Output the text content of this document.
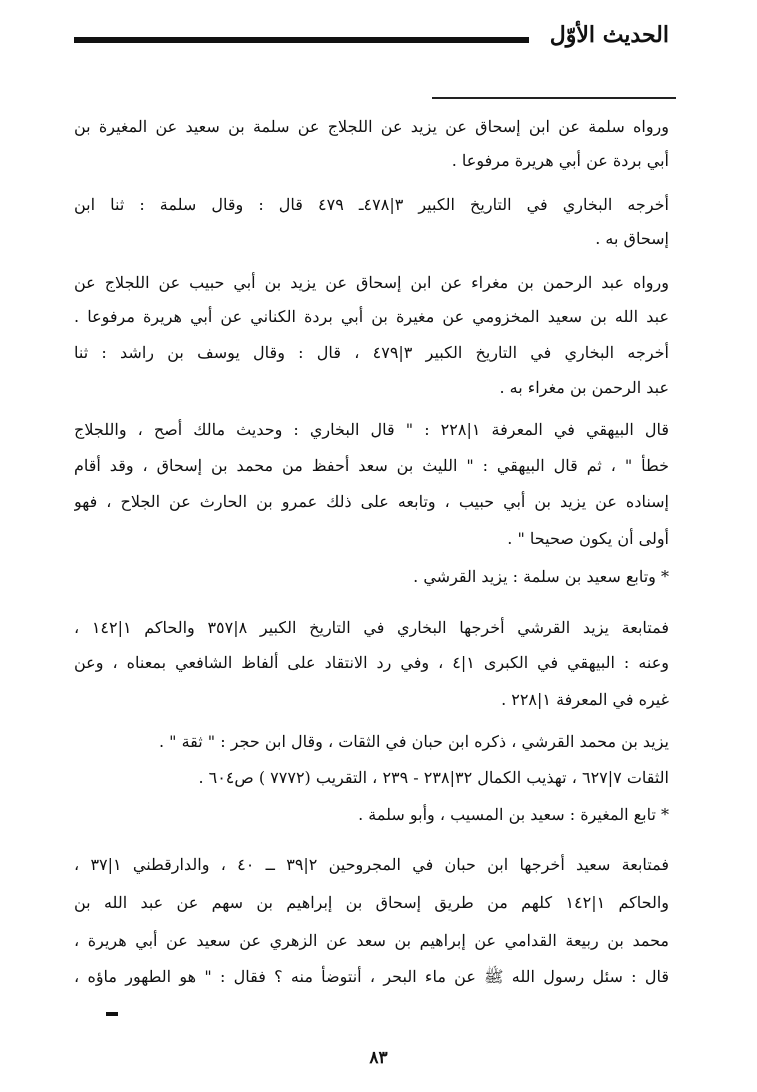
الحديث الأوّل
ورواه سلمة عن ابن إسحاق عن يزيد عن اللجلاج عن سلمة بن سعيد عن المغيرة بن
أبي بردة عن أبي هريرة مرفوعا .
أخرجه البخاري في التاريخ الكبير ٣|٤٧٨ـ ٤٧٩ قال : وقال سلمة : ثنا ابن
إسحاق به .
ورواه عبد الرحمن بن مغراء عن ابن إسحاق عن يزيد بن أبي حبيب عن اللجلاج عن
عبد الله بن سعيد المخزومي عن مغيرة بن أبي بردة الكناني عن أبي هريرة مرفوعا .
أخرجه البخاري في التاريخ الكبير ٣|٤٧٩ ، قال : وقال يوسف بن راشد : ثنا
عبد الرحمن بن مغراء به .
قال البيهقي في المعرفة ١|٢٢٨ : " قال البخاري : وحديث مالك أصح ، واللجلاج
خطأ " ، ثم قال البيهقي : " الليث بن سعد أحفظ من محمد بن إسحاق ، وقد أقام
إسناده عن يزيد بن أبي حبيب ، وتابعه على ذلك عمرو بن الحارث عن الجلاح ، فهو
أولى أن يكون صحيحا " .
* وتابع سعيد بن سلمة : يزيد القرشي .
فمتابعة يزيد القرشي أخرجها البخاري في التاريخ الكبير ٨|٣٥٧ والحاكم ١|١٤٢ ،
وعنه : البيهقي في الكبرى ١|٤ ، وفي رد الانتقاد على ألفاظ الشافعي بمعناه ، وعن
غيره في المعرفة ١|٢٢٨ .
يزيد بن محمد القرشي ، ذكره ابن حبان في الثقات ، وقال ابن حجر : " ثقة " .
الثقات ٧|٦٢٧ ، تهذيب الكمال ٣٢|٢٣٨ - ٢٣٩ ، التقريب (٧٧٧٢ ) ص٦٠٤ .
* تابع المغيرة : سعيد بن المسيب ، وأبو سلمة .
فمتابعة سعيد أخرجها ابن حبان في المجروحين ٢|٣٩ ــ ٤٠ ، والدارقطني ١|٣٧ ،
والحاكم ١|١٤٢ كلهم من طريق إسحاق بن إبراهيم بن سهم عن عبد الله بن
محمد بن ربيعة القدامي عن إبراهيم بن سعد عن الزهري عن سعيد عن أبي هريرة ،
قال : سئل رسول الله ﷺ عن ماء البحر ، أنتوضأ منه ؟ فقال : " هو الطهور ماؤه ،
٨٣
